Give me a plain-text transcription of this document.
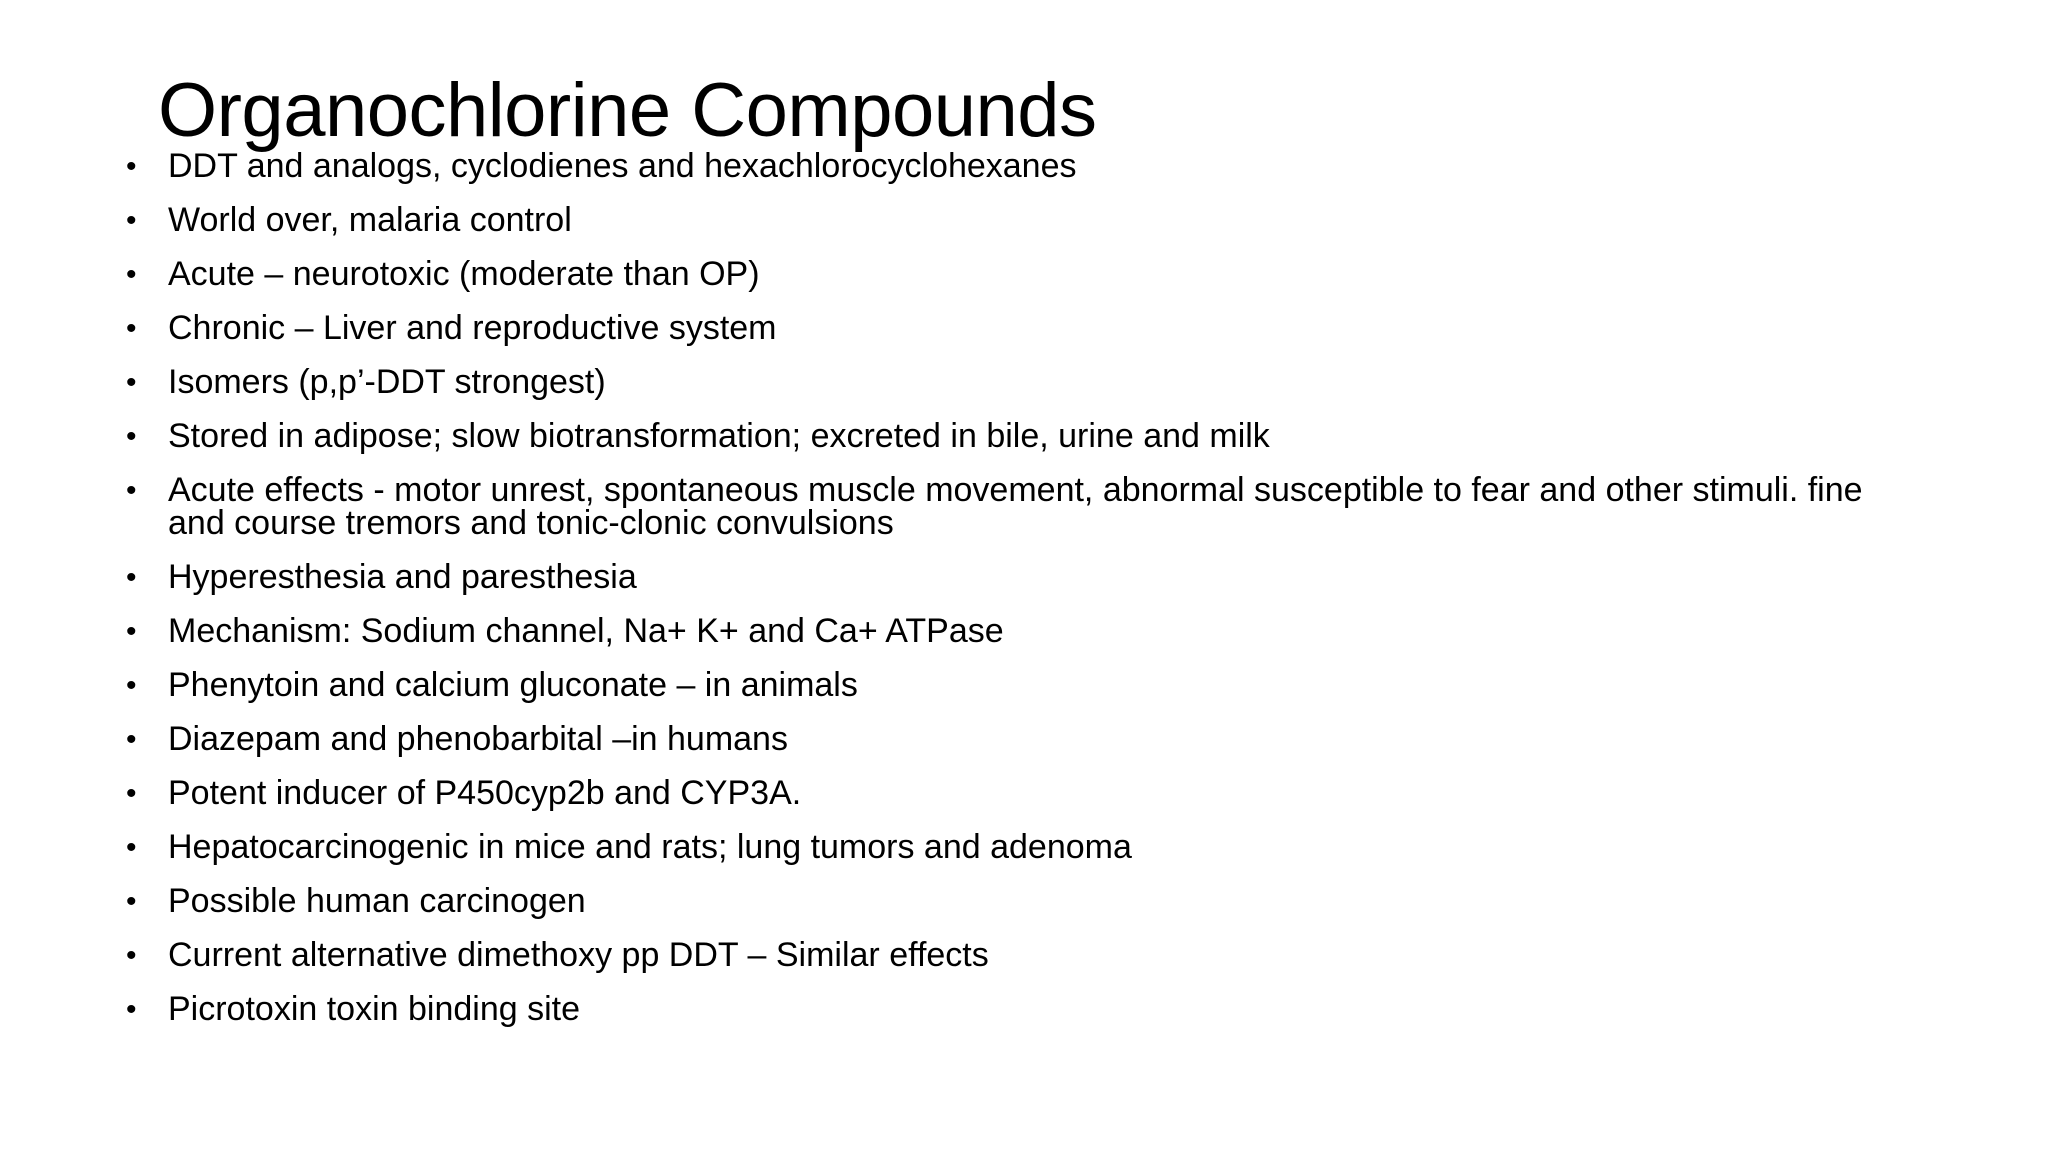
Organochlorine Compounds
• DDT and analogs, cyclodienes and hexachlorocyclohexanes
• World over, malaria control
• Acute – neurotoxic (moderate than OP)
• Chronic – Liver and reproductive system
• Isomers (p,p’-DDT strongest)
• Stored in adipose; slow biotransformation; excreted in bile, urine and milk
• Acute effects - motor unrest, spontaneous muscle movement, abnormal susceptible to fear and other stimuli. fine and course tremors and tonic-clonic convulsions
• Hyperesthesia and paresthesia
• Mechanism: Sodium channel, Na+ K+ and Ca+ ATPase
• Phenytoin and calcium gluconate – in animals
• Diazepam and phenobarbital –in humans
• Potent inducer of P450cyp2b and CYP3A.
• Hepatocarcinogenic in mice and rats; lung tumors and adenoma
• Possible human carcinogen
• Current alternative dimethoxy pp DDT – Similar effects
• Picrotoxin toxin binding site
